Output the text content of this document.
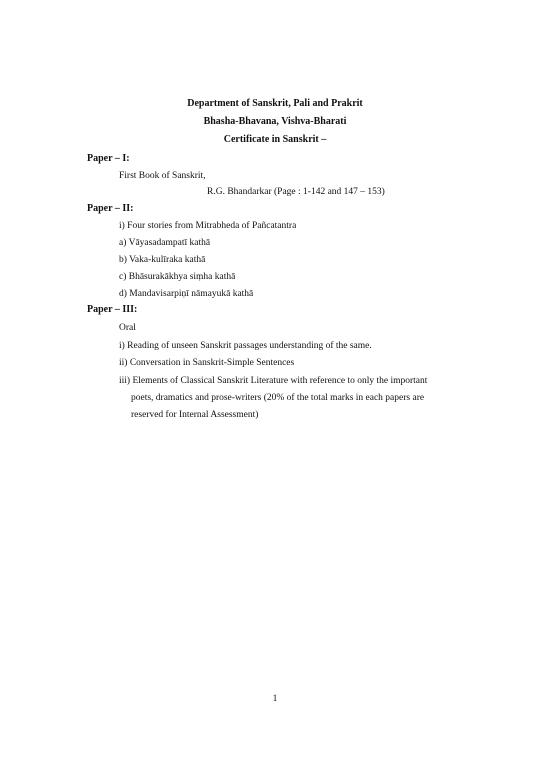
Department of Sanskrit, Pali and Prakrit
Bhasha-Bhavana, Vishva-Bharati
Certificate in Sanskrit –
Paper – I:
First Book of Sanskrit,
R.G. Bhandarkar (Page : 1-142 and 147 – 153)
Paper – II:
i) Four stories from Mitrabheda of Pañcatantra
a) Vāyasadampatī kathā
b) Vaka-kulīraka kathā
c) Bhāsurakākhya siṃha kathā
d) Mandavisarpiṇī nāmayukā kathā
Paper – III:
Oral
i) Reading of unseen Sanskrit passages understanding of the same.
ii) Conversation in Sanskrit-Simple Sentences
iii) Elements of Classical Sanskrit Literature with reference to only the important
poets, dramatics and prose-writers (20% of the total marks in each papers are
reserved for Internal Assessment)
1
